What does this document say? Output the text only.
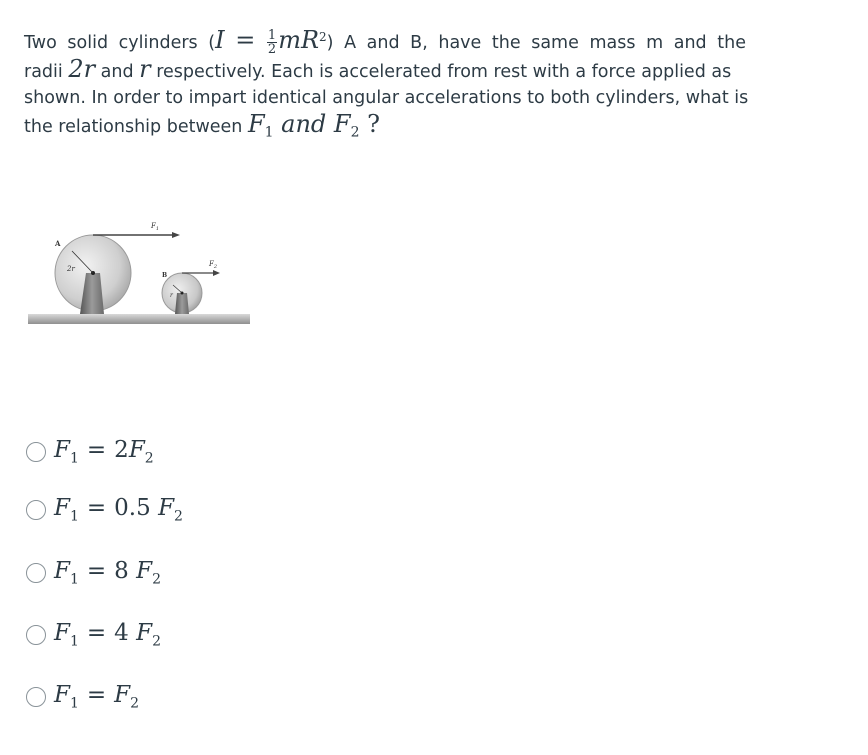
Two solid cylinders $(I = \frac{1}{2} mR^2)$ A and B, have the same mass m and the
radii 2r and r respectively. Each is accelerated from rest with a force applied as
shown. In order to impart identical angular accelerations to both cylinders, what is
the relationship between $F_1$ and $F_2$ ?
2r
A
$F_1$
r
B
$F_2$
$F_1 = 2F_2$
$F_1 = 0.5$ $F_2$
$F_1 = 8$ $F_2$
$F_1 = 4$ $F_2$
$F_1 = F_2$
